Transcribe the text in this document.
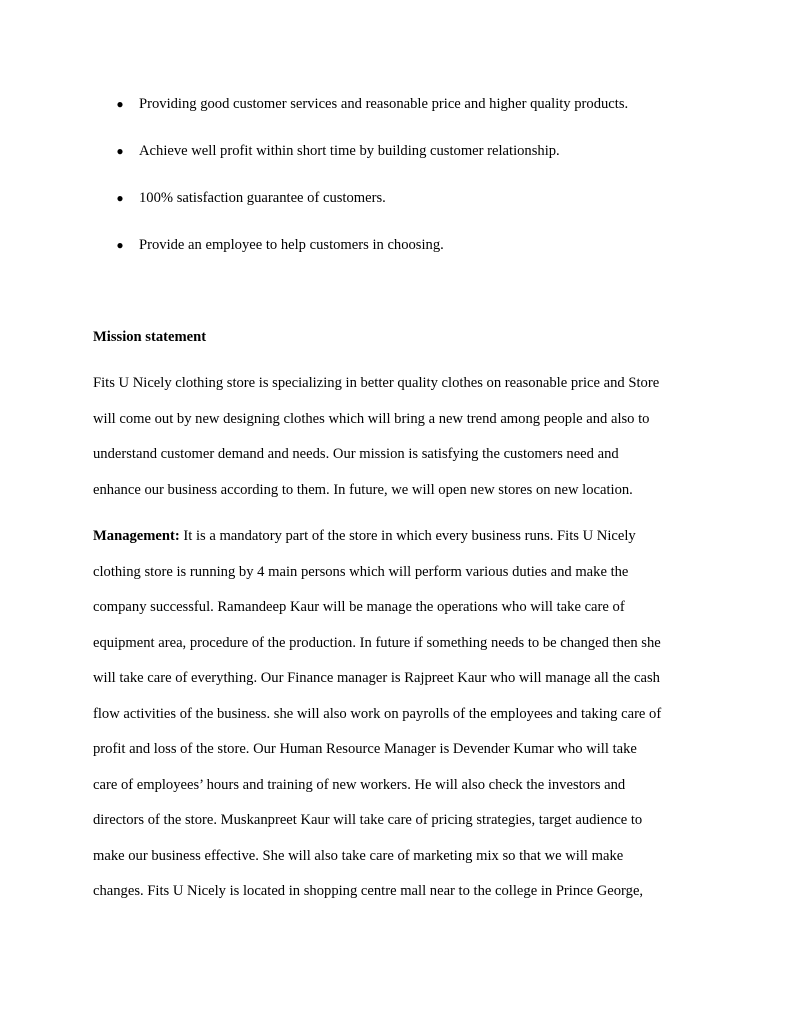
● Providing good customer services and reasonable price and higher quality products.
● Achieve well profit within short time by building customer relationship.
● 100% satisfaction guarantee of customers.
● Provide an employee to help customers in choosing.
Mission statement
Fits U Nicely clothing store is specializing in better quality clothes on reasonable price and Store
will come out by new designing clothes which will bring a new trend among people and also to
understand customer demand and needs. Our mission is satisfying the customers need and
enhance our business according to them. In future, we will open new stores on new location.
Management: It is a mandatory part of the store in which every business runs. Fits U Nicely
clothing store is running by 4 main persons which will perform various duties and make the
company successful. Ramandeep Kaur will be manage the operations who will take care of
equipment area, procedure of the production. In future if something needs to be changed then she
will take care of everything. Our Finance manager is Rajpreet Kaur who will manage all the cash
flow activities of the business. she will also work on payrolls of the employees and taking care of
profit and loss of the store. Our Human Resource Manager is Devender Kumar who will take
care of employees’ hours and training of new workers. He will also check the investors and
directors of the store. Muskanpreet Kaur will take care of pricing strategies, target audience to
make our business effective. She will also take care of marketing mix so that we will make
changes. Fits U Nicely is located in shopping centre mall near to the college in Prince George,
